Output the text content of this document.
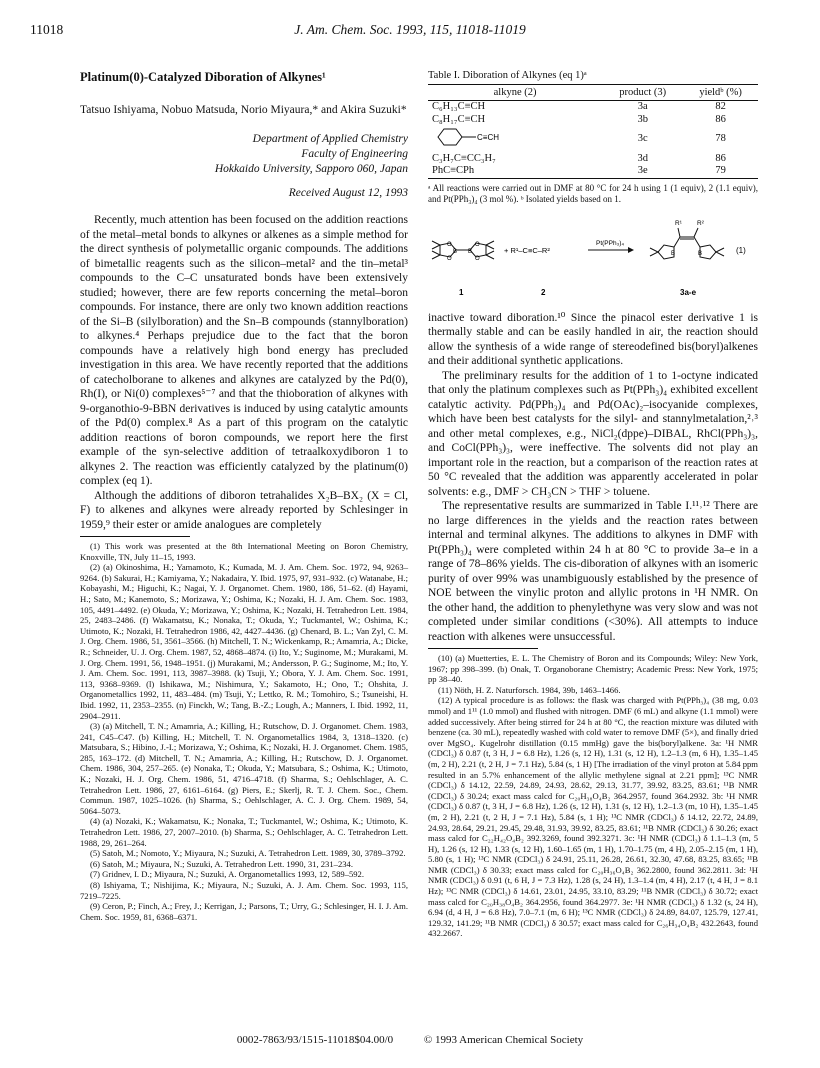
11018	J. Am. Chem. Soc. 1993, 115, 11018-11019
Platinum(0)-Catalyzed Diboration of Alkynes¹

Tatsuo Ishiyama, Nobuo Matsuda, Norio Miyaura,* and Akira Suzuki*

Department of Applied Chemistry
Faculty of Engineering
Hokkaido University, Sapporo 060, Japan

Received August 12, 1993

Recently, much attention has been focused on the addition reactions of the metal–metal bonds to alkynes or alkenes as a simple method for the direct synthesis of polymetallic organic compounds. The additions of bimetallic reagents such as the silicon–metal² and the tin–metal³ compounds to the C–C unsaturated bonds have been extensively studied; however, there are few reports concerning the metal–boron compounds. For instance, there are only two known addition reactions of the Si–B (silylboration) and the Sn–B compounds (stannylboration) to alkynes.⁴ Perhaps prejudice due to the fact that the boron compounds have a relatively high bond energy has precluded investigation in this area. We have recently reported that the additions of catecholborane to alkenes and alkynes are catalyzed by the Pd(0), Rh(I), or Ni(0) complexes⁵⁻⁷ and that the thioboration of alkynes with 9-organothio-9-BBN derivatives is induced by using catalytic amounts of the Pd(0) complex.⁸ As a part of this program on the catalytic addition reactions of boron compounds, we report here the first example of the syn-selective addition of tetraalkoxydiboron 1 to alkynes 2. The reaction was efficiently catalyzed by the platinum(0) complex (eq 1).

Although the additions of diboron tetrahalides X₂B–BX₂ (X = Cl, F) to alkenes and alkynes were already reported by Schlesinger in 1959,⁹ their ester or amide analogues are completely

(1) This work was presented at the 8th International Meeting on Boron Chemistry, Knoxville, TN, July 11–15, 1993.

(2) (a) Okinoshima, H.; Yamamoto, K.; Kumada, M. J. Am. Chem. Soc. 1972, 94, 9263–9264. (b) Sakurai, H.; Kamiyama, Y.; Nakadaira, Y. Ibid. 1975, 97, 931–932. (c) Watanabe, H.; Kobayashi, M.; Higuchi, K.; Nagai, Y. J. Organomet. Chem. 1980, 186, 51–62. (d) Hayami, H.; Sato, M.; Kanemoto, S.; Morizawa, Y.; Oshima, K.; Nozaki, H. J. Am. Chem. Soc. 1983, 105, 4491–4492. (e) Okuda, Y.; Morizawa, Y.; Oshima, K.; Nozaki, H. Tetrahedron Lett. 1984, 25, 2483–2486. (f) Wakamatsu, K.; Nonaka, T.; Okuda, Y.; Tuckmantel, W.; Oshima, K.; Utimoto, K.; Nozaki, H. Tetrahedron 1986, 42, 4427–4436. (g) Chenard, B. L.; Van Zyl, C. M. J. Org. Chem. 1986, 51, 3561–3566. (h) Mitchell, T. N.; Wickenkamp, R.; Amamria, A.; Dicke, R.; Schneider, U. J. Org. Chem. 1987, 52, 4868–4874. (i) Ito, Y.; Suginome, M.; Murakami, M. J. Org. Chem. 1991, 56, 1948–1951. (j) Murakami, M.; Andersson, P. G.; Suginome, M.; Ito, Y. J. Am. Chem. Soc. 1991, 113, 3987–3988. (k) Tsuji, Y.; Obora, Y. J. Am. Chem. Soc. 1991, 113, 9368–9369. (l) Ishikawa, M.; Nishimura, Y.; Sakamoto, H.; Ono, T.; Ohshita, J. Organometallics 1992, 11, 483–484. (m) Tsuji, Y.; Lettko, R. M.; Tomohiro, S.; Tsuneishi, H. Ibid. 1992, 11, 2353–2355. (n) Finckh, W.; Tang, B.-Z.; Lough, A.; Manners, I. Ibid. 1992, 11, 2904–2911.

(3) (a) Mitchell, T. N.; Amamria, A.; Killing, H.; Rutschow, D. J. Organomet. Chem. 1983, 241, C45–C47. (b) Killing, H.; Mitchell, T. N. Organometallics 1984, 3, 1318–1320. (c) Matsubara, S.; Hibino, J.-I.; Morizawa, Y.; Oshima, K.; Nozaki, H. J. Organomet. Chem. 1985, 285, 163–172. (d) Mitchell, T. N.; Amamria, A.; Killing, H.; Rutschow, D. J. Organomet. Chem. 1986, 304, 257–265. (e) Nonaka, T.; Okuda, Y.; Matsubara, S.; Oshima, K.; Utimoto, K.; Nozaki, H. J. Org. Chem. 1986, 51, 4716–4718. (f) Sharma, S.; Oehlschlager, A. C. Tetrahedron Lett. 1986, 27, 6161–6164. (g) Piers, E.; Skerlj, R. T. J. Chem. Soc., Chem. Commun. 1987, 1025–1026. (h) Sharma, S.; Oehlschlager, A. C. J. Org. Chem. 1989, 54, 5064–5073.

(4) (a) Nozaki, K.; Wakamatsu, K.; Nonaka, T.; Tuckmantel, W.; Oshima, K.; Utimoto, K. Tetrahedron Lett. 1986, 27, 2007–2010. (b) Sharma, S.; Oehlschlager, A. C. Tetrahedron Lett. 1988, 29, 261–264.

(5) Satoh, M.; Nomoto, Y.; Miyaura, N.; Suzuki, A. Tetrahedron Lett. 1989, 30, 3789–3792.

(6) Satoh, M.; Miyaura, N.; Suzuki, A. Tetrahedron Lett. 1990, 31, 231–234.

(7) Gridnev, I. D.; Miyaura, N.; Suzuki, A. Organometallics 1993, 12, 589–592.

(8) Ishiyama, T.; Nishijima, K.; Miyaura, N.; Suzuki, A. J. Am. Chem. Soc. 1993, 115, 7219–7225.

(9) Ceron, P.; Finch, A.; Frey, J.; Kerrigan, J.; Parsons, T.; Urry, G.; Schlesinger, H. I. J. Am. Chem. Soc. 1959, 81, 6368–6371.

Table I. Diboration of Alkynes (eq 1)ᵃ
alkyne (2)	product (3)	yieldᵇ (%)
C₆H₁₃C≡CH	3a	82
C₈H₁₇C≡CH	3b	86

C≡CH	3c	78
C₃H₇C≡CC₃H₇	3d	86
PhC≡CPh	3e	79
ᵃ All reactions were carried out in DMF at 80 °C for 24 h using 1 (1 equiv), 2 (1.1 equiv), and Pt(PPh₃)₄ (3 mol %). ᵇ Isolated yields based on 1.
O
O
B B
O
O
+ R¹–C≡C–R²
Pt(PPh₃)₄
R¹ R²
B	B	(1)
1	2	3a-e

inactive toward diboration.¹⁰ Since the pinacol ester derivative 1 is thermally stable and can be easily handled in air, the reaction should allow the synthesis of a wide range of stereodefined bis(boryl)alkenes and their additional synthetic applications.

The preliminary results for the addition of 1 to 1-octyne indicated that only the platinum complexes such as Pt(PPh₃)₄ exhibited excellent catalytic activity. Pd(PPh₃)₄ and Pd(OAc)₂–isocyanide complexes, which have been best catalysts for the silyl- and stannylmetalation,²˒³ and other metal complexes, e.g., NiCl₂(dppe)–DIBAL, RhCl(PPh₃)₃, and CoCl(PPh₃)₃, were ineffective. The solvents did not play an important role in the reaction, but a comparison of the reaction rates at 50 °C revealed that the addition was apparently accelerated in polar solvents: e.g., DMF > CH₃CN > THF > toluene.

The representative results are summarized in Table I.¹¹˒¹² There are no large differences in the yields and the reaction rates between internal and terminal alkynes. The additions to alkynes in DMF with Pt(PPh₃)₄ were completed within 24 h at 80 °C to provide 3a–e in a range of 78–86% yields. The cis-diboration of alkynes with an isomeric purity of over 99% was unambiguously established by the presence of NOE between the vinylic proton and allylic protons in ¹H NMR. On the other hand, the addition to phenylethyne was very slow and was not completed under similar conditions (<30%). All attempts to induce reaction with alkenes were unsuccessful.

(10) (a) Muetterties, E. L. The Chemistry of Boron and its Compounds; Wiley: New York, 1967; pp 398–399. (b) Onak, T. Organoborane Chemistry; Academic Press: New York, 1975; pp 38–40.

(11) Nöth, H. Z. Naturforsch. 1984, 39b, 1463–1466.

(12) A typical procedure is as follows: the flask was charged with Pt(PPh₃)₄ (38 mg, 0.03 mmol) and 1¹¹ (1.0 mmol) and flushed with nitrogen. DMF (6 mL) and alkyne (1.1 mmol) were added successively. After being stirred for 24 h at 80 °C, the reaction mixture was diluted with benzene (ca. 30 mL), repeatedly washed with cold water to remove DMF (5×), and finally dried over MgSO₄. Kugelrohr distillation (0.15 mmHg) gave the bis(boryl)alkene. 3a: ¹H NMR (CDCl₃) δ 0.87 (t, 3 H, J = 6.8 Hz), 1.26 (s, 12 H), 1.31 (s, 12 H), 1.2–1.3 (m, 6 H), 1.35–1.45 (m, 2 H), 2.21 (t, 2 H, J = 7.1 Hz), 5.84 (s, 1 H) [The irradiation of the vinyl proton at 5.84 ppm resulted in an 5.7% enhancement of the allylic methylene signal at 2.21 ppm]; ¹³C NMR (CDCl₃) δ 14.12, 22.59, 24.89, 24.93, 28.62, 29.13, 31.77, 39.92, 83.25, 83.61; ¹¹B NMR (CDCl₃) δ 30.24; exact mass calcd for C₂₀H₃₈O₄B₂ 364.2957, found 364.2932. 3b: ¹H NMR (CDCl₃) δ 0.87 (t, 3 H, J = 6.8 Hz), 1.26 (s, 12 H), 1.31 (s, 12 H), 1.2–1.3 (m, 10 H), 1.35–1.45 (m, 2 H), 2.21 (t, 2 H, J = 7.1 Hz), 5.84 (s, 1 H); ¹³C NMR (CDCl₃) δ 14.12, 22.72, 24.89, 24.93, 28.64, 29.21, 29.45, 29.48, 31.93, 39.92, 83.25, 83.61; ¹¹B NMR (CDCl₃) δ 30.26; exact mass calcd for C₂₂H₄₂O₄B₂ 392.3269, found 392.3271. 3c: ¹H NMR (CDCl₃) δ 1.1–1.3 (m, 5 H), 1.26 (s, 12 H), 1.33 (s, 12 H), 1.60–1.65 (m, 1 H), 1.70–1.75 (m, 4 H), 2.05–2.15 (m, 1 H), 5.80 (s, 1 H); ¹³C NMR (CDCl₃) δ 24.91, 25.11, 26.28, 26.61, 32.30, 47.68, 83.25, 83.65; ¹¹B NMR (CDCl₃) δ 30.33; exact mass calcd for C₂₀H₃₆O₄B₂ 362.2800, found 362.2811. 3d: ¹H NMR (CDCl₃) δ 0.91 (t, 6 H, J = 7.3 Hz), 1.28 (s, 24 H), 1.3–1.4 (m, 4 H), 2.17 (t, 4 H, J = 8.1 Hz); ¹³C NMR (CDCl₃) δ 14.61, 23.01, 24.95, 33.10, 83.29; ¹¹B NMR (CDCl₃) δ 30.72; exact mass calcd for C₂₀H₃₈O₄B₂ 364.2956, found 364.2977. 3e: ¹H NMR (CDCl₃) δ 1.32 (s, 24 H), 6.94 (d, 4 H, J = 6.8 Hz), 7.0–7.1 (m, 6 H); ¹³C NMR (CDCl₃) δ 24.89, 84.07, 125.79, 127.41, 129.32, 141.29; ¹¹B NMR (CDCl₃) δ 30.57; exact mass calcd for C₂₆H₃₄O₄B₂ 432.2643, found 432.2667.

0002-7863/93/1515-11018$04.00/0	© 1993 American Chemical Society
